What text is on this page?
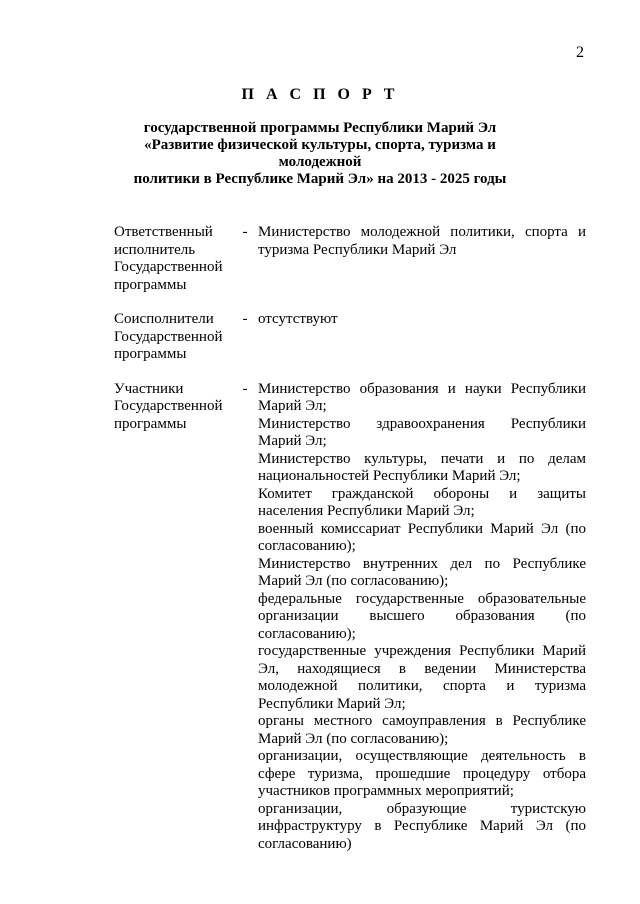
2
П А С П О Р Т
государственной программы Республики Марий Эл
«Развитие физической культуры, спорта, туризма и молодежной
политики в Республике Марий Эл» на 2013 - 2025 годы
Ответственный
исполнитель
Государственной
программы
- Министерство молодежной политики, спорта и туризма Республики Марий Эл
Соисполнители
Государственной
программы
- отсутствуют
Участники
Государственной
программы
- Министерство образования и науки Республики Марий Эл;
Министерство здравоохранения Республики Марий Эл;
Министерство культуры, печати и по делам национальностей Республики Марий Эл;
Комитет гражданской обороны и защиты населения Республики Марий Эл;
военный комиссариат Республики Марий Эл (по согласованию);
Министерство внутренних дел по Республике Марий Эл (по согласованию);
федеральные государственные образовательные организации высшего образования (по согласованию);
государственные учреждения Республики Марий Эл, находящиеся в ведении Министерства молодежной политики, спорта и туризма Республики Марий Эл;
органы местного самоуправления в Республике Марий Эл (по согласованию);
организации, осуществляющие деятельность в сфере туризма, прошедшие процедуру отбора участников программных мероприятий;
организации, образующие туристскую инфраструктуру в Республике Марий Эл (по согласованию)
